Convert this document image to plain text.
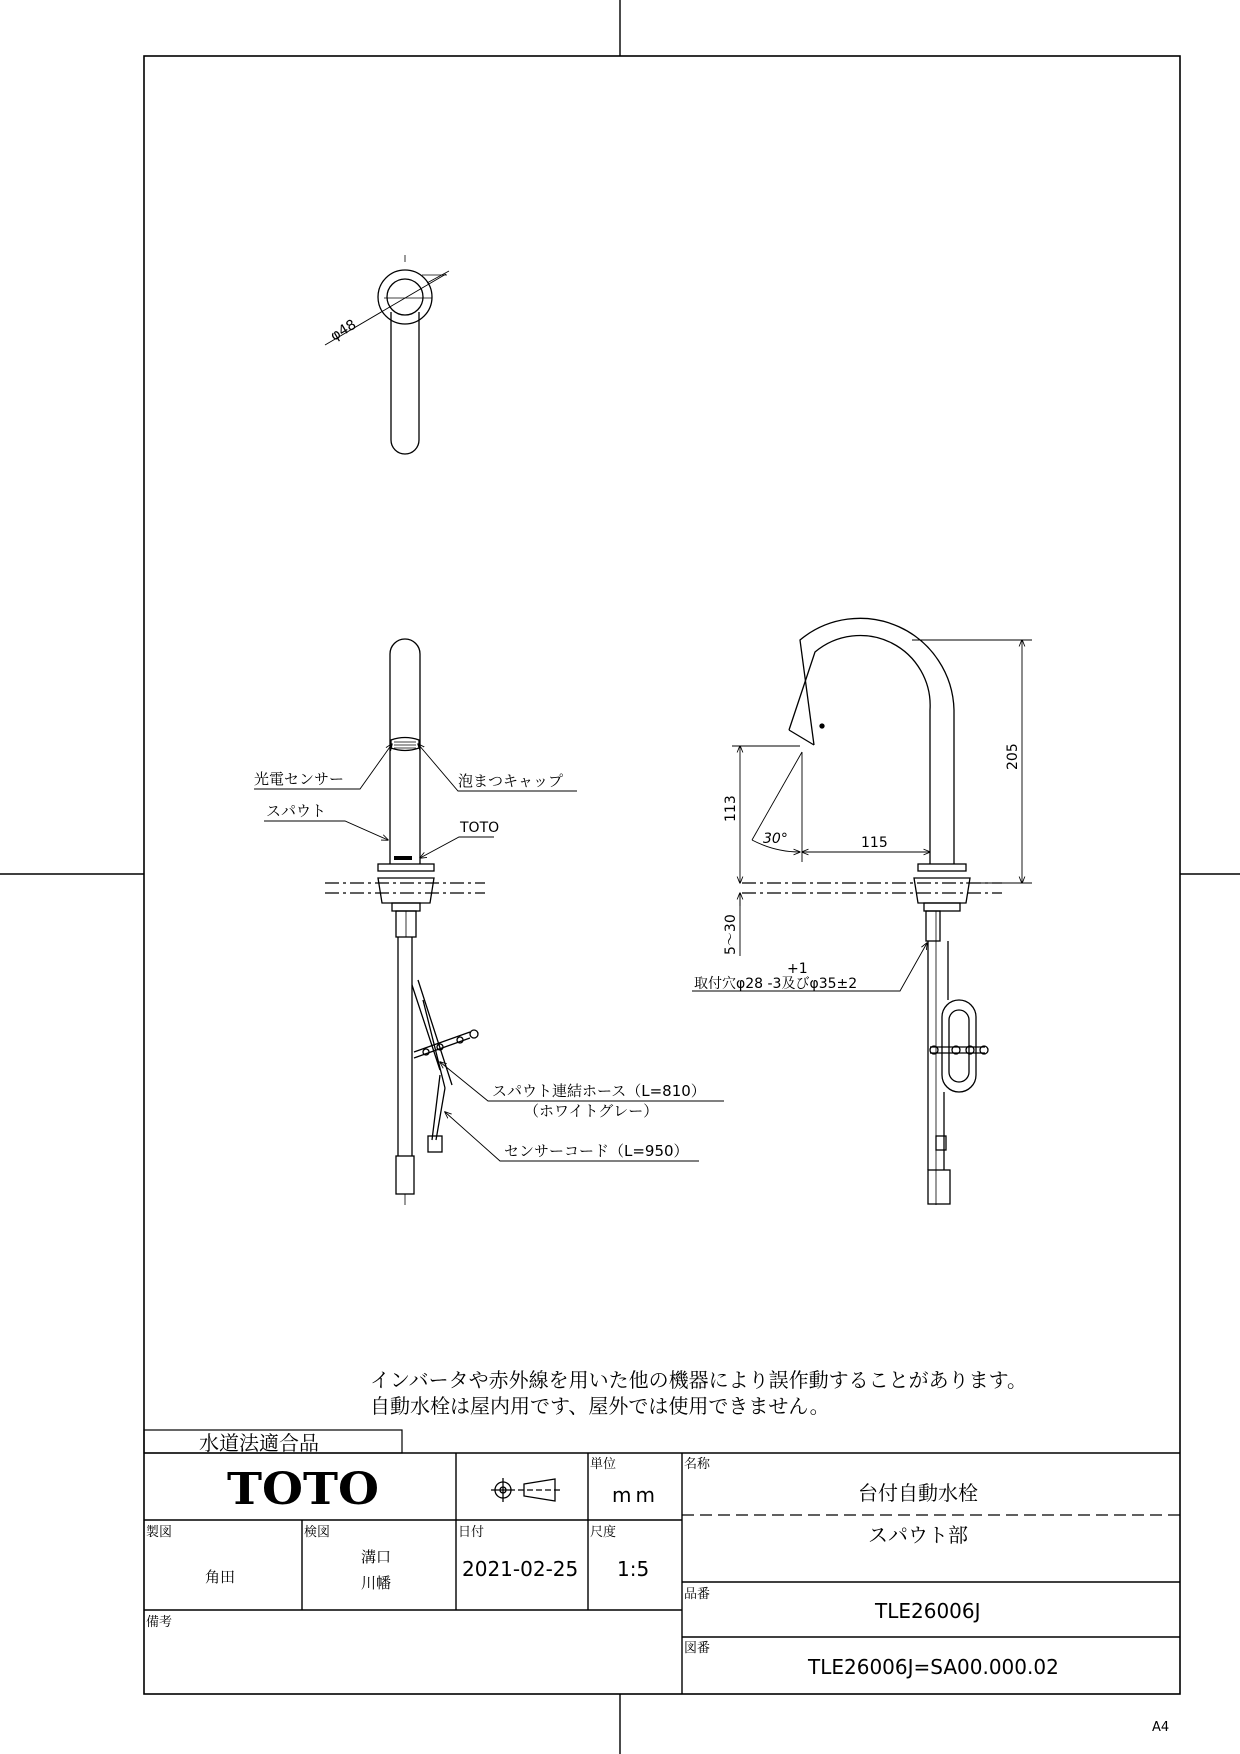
φ48
光電センサー	泡まつキャップ
スパウト
TOTO
スパウト連結ホース（L=810）
（ホワイトグレー）
センサーコード（L=950）
205
113
30°	115
5～30
+1
取付穴φ28 -3及びφ35±2
インバータや赤外線を用いた他の機器により誤作動することがあります。
自動水栓は屋内用です、屋外では使用できません。
水道法適合品
TOTO	単位
mm
名称
台付自動水栓
スパウト部
製図
角田
検図
溝口
川幡
日付
2021-02-25
尺度
1:5
品番
TLE26006J
備考
図番
TLE26006J=SA00.000.02
A4
